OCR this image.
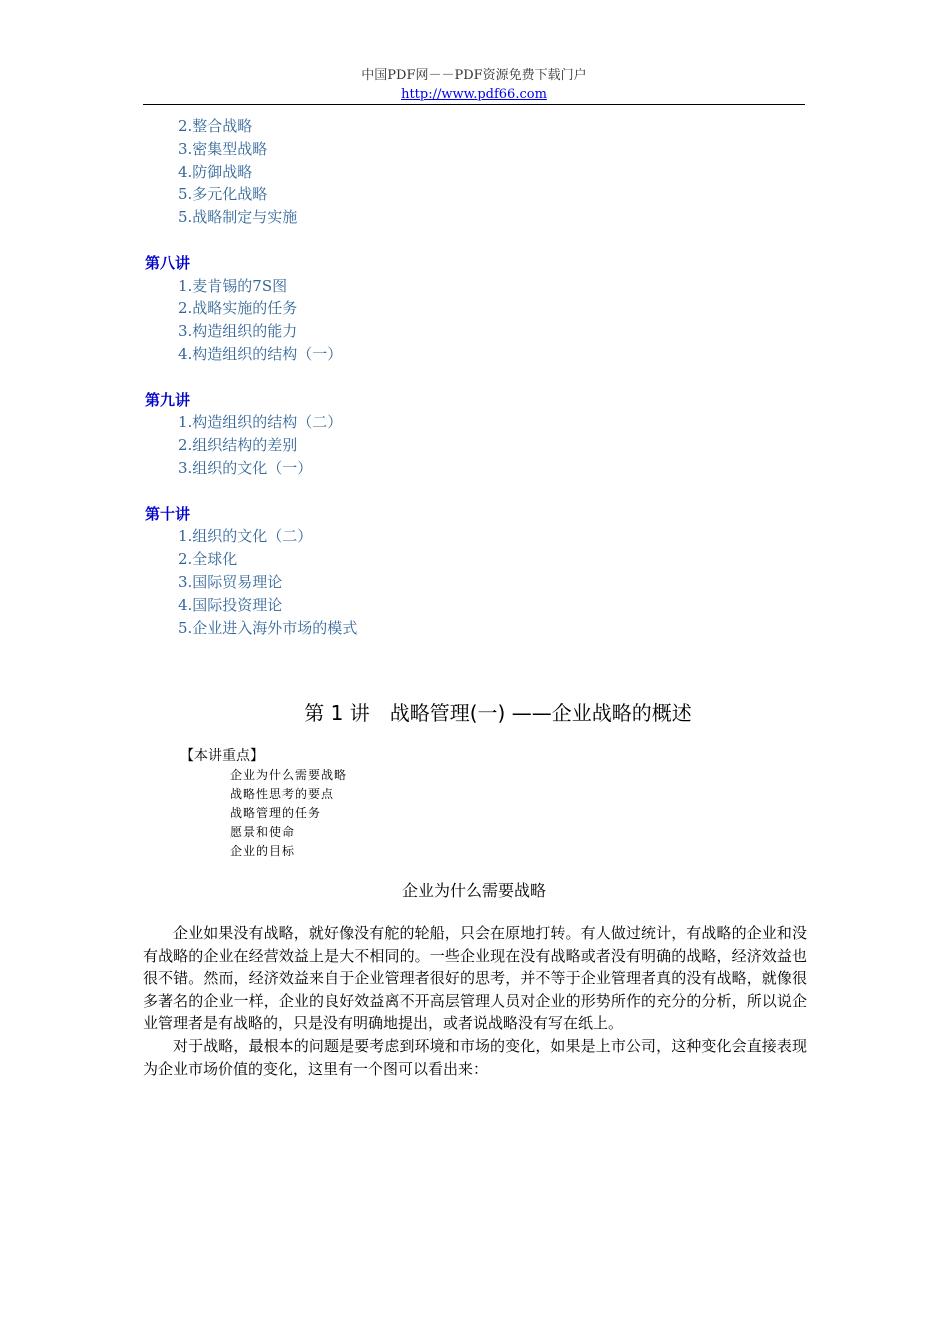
中国PDF网－－PDF资源免费下载门户
http://www.pdf66.com
2.整合战略
3.密集型战略
4.防御战略
5.多元化战略
5.战略制定与实施
第八讲
1.麦肯锡的7S图
2.战略实施的任务
3.构造组织的能力
4.构造组织的结构（一）
第九讲
1.构造组织的结构（二）
2.组织结构的差别
3.组织的文化（一）
第十讲
1.组织的文化（二）
2.全球化
3.国际贸易理论
4.国际投资理论
5.企业进入海外市场的模式
第 1 讲　战略管理(一) ——企业战略的概述
【本讲重点】
企业为什么需要战略
战略性思考的要点
战略管理的任务
愿景和使命
企业的目标
企业为什么需要战略

企业如果没有战略，就好像没有舵的轮船，只会在原地打转。有人做过统计，有战略的企业和没有战略的企业在经营效益上是大不相同的。一些企业现在没有战略或者没有明确的战略，经济效益也很不错。然而，经济效益来自于企业管理者很好的思考，并不等于企业管理者真的没有战略，就像很多著名的企业一样，企业的良好效益离不开高层管理人员对企业的形势所作的充分的分析，所以说企业管理者是有战略的，只是没有明确地提出，或者说战略没有写在纸上。

对于战略，最根本的问题是要考虑到环境和市场的变化，如果是上市公司，这种变化会直接表现为企业市场价值的变化，这里有一个图可以看出来：
